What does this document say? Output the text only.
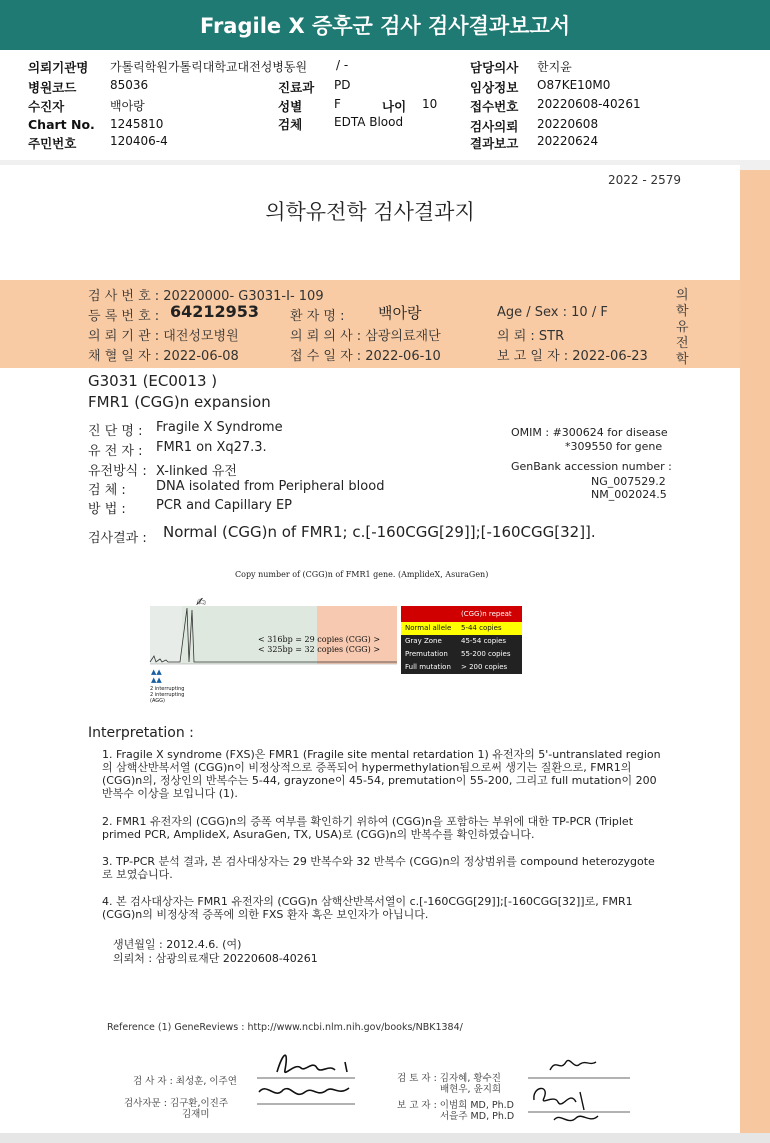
Fragile X 증후군 검사 검사결과보고서
의뢰기관명 가톨릭학원가톨릭대학교대전성병동원 / -
병원코드	85036
수진자	백아랑
Chart No. 1245810
주민번호	120406-4
진료과 PD
성별	F	나이 10
검체	EDTA Blood
담당의사 한지윤
임상정보 O87KE10M0
접수번호 20220608-40261
검사의뢰 20220608
결과보고 20220624
2022 - 2579
의학유전학 검사결과지
검 사 번 호 : 20220000- G3031-I- 109
등 록 번 호 : 64212953 환 자 명 : 백아랑	Age / Sex : 10 / F
의 뢰 기 관 : 대전성모병원	의 뢰 의 사 : 삼광의료재단	의 뢰 : STR
채 혈 일 자 : 2022-06-08	접 수 일 자 : 2022-06-10	보 고 일 자 : 2022-06-23
의학유전학
G3031 (EC0013 )
FMR1 (CGG)n expansion
진 단 명 : Fragile X Syndrome
유 전 자 : FMR1 on Xq27.3.
유전방식 : X-linked 유전
검 체 : DNA isolated from Peripheral blood
방 법 : PCR and Capillary EP
OMIM : #300624 for disease
*309550 for gene
GenBank accession number :
NG_007529.2
NM_002024.5
검사결과 : Normal (CGG)n of FMR1; c.[-160CGG[29]];[-160CGG[32]].
Copy number of (CGG)n of FMR1 gene. (AmplideX, AsuraGen)
✍
▲▲
▲▲
< 316bp = 29 copies (CGG) >
< 325bp = 32 copies (CGG) >
2 interrupting
2 interrupting
(AGG)
(CGG)n repeat
Normal allele	5-44 copies
Gray Zone	45-54 copies
Premutation	55-200 copies
Full mutation	> 200 copies
Interpretation :
1. Fragile X syndrome (FXS)은 FMR1 (Fragile site mental retardation 1) 유전자의 5'-untranslated region의 삼핵산반복서열 (CGG)n이 비정상적으로 증폭되어 hypermethylation됨으로써 생기는 질환으로, FMR1의 (CGG)n의, 정상인의 반복수는 5-44, grayzone이 45-54, premutation이 55-200, 그리고 full mutation이 200 반복수 이상을 보입니다 (1).
2. FMR1 유전자의 (CGG)n의 증폭 여부를 확인하기 위하여 (CGG)n을 포함하는 부위에 대한 TP-PCR (Triplet primed PCR, AmplideX, AsuraGen, TX, USA)로 (CGG)n의 반복수를 확인하였습니다.
3. TP-PCR 분석 결과, 본 검사대상자는 29 반복수와 32 반복수 (CGG)n의 정상범위를 compound heterozygote로 보였습니다.
4. 본 검사대상자는 FMR1 유전자의 (CGG)n 삼핵산반복서열이 c.[-160CGG[29]];[-160CGG[32]]로, FMR1 (CGG)n의 비정상적 증폭에 의한 FXS 환자 혹은 보인자가 아닙니다.
생년월일 : 2012.4.6. (여)
의뢰처 : 삼광의료재단 20220608-40261
Reference (1) GeneReviews : http://www.ncbi.nlm.nih.gov/books/NBK1384/
검 사 자 : 최성훈, 이주연	검 토 자 : 김자혜, 황수진
배현우, 윤지희
검사자문 : 김구환,이진주
김재미
보 고 자 : 이범희 MD, Ph.D
서을주 MD, Ph.D
